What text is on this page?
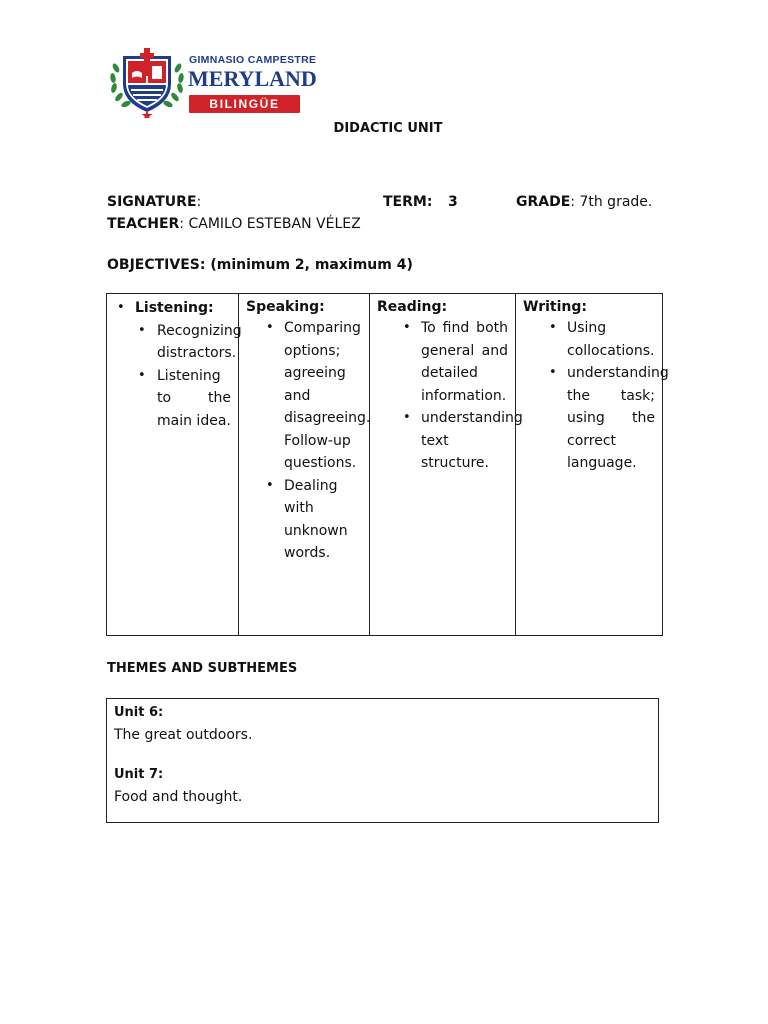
GIMNASIO CAMPESTRE
MERYLAND
BILINGÜE
DIDACTIC UNIT
SIGNATURE:	TERM: 3	GRADE: 7th grade.
TEACHER: CAMILO ESTEBAN VÉLEZ
OBJECTIVES: (minimum 2, maximum 4)
• Listening:
• Recognizing distractors.
• Listening to the main idea.

Speaking:
• Comparing options; agreeing and disagreeing. Follow-up questions.
• Dealing with unknown words.

Reading:
• To find both general and detailed information.
• understanding text structure.

Writing:
• Using collocations.
• understanding the task; using the correct language.
THEMES AND SUBTHEMES
Unit 6:
The great outdoors.
Unit 7:
Food and thought.
